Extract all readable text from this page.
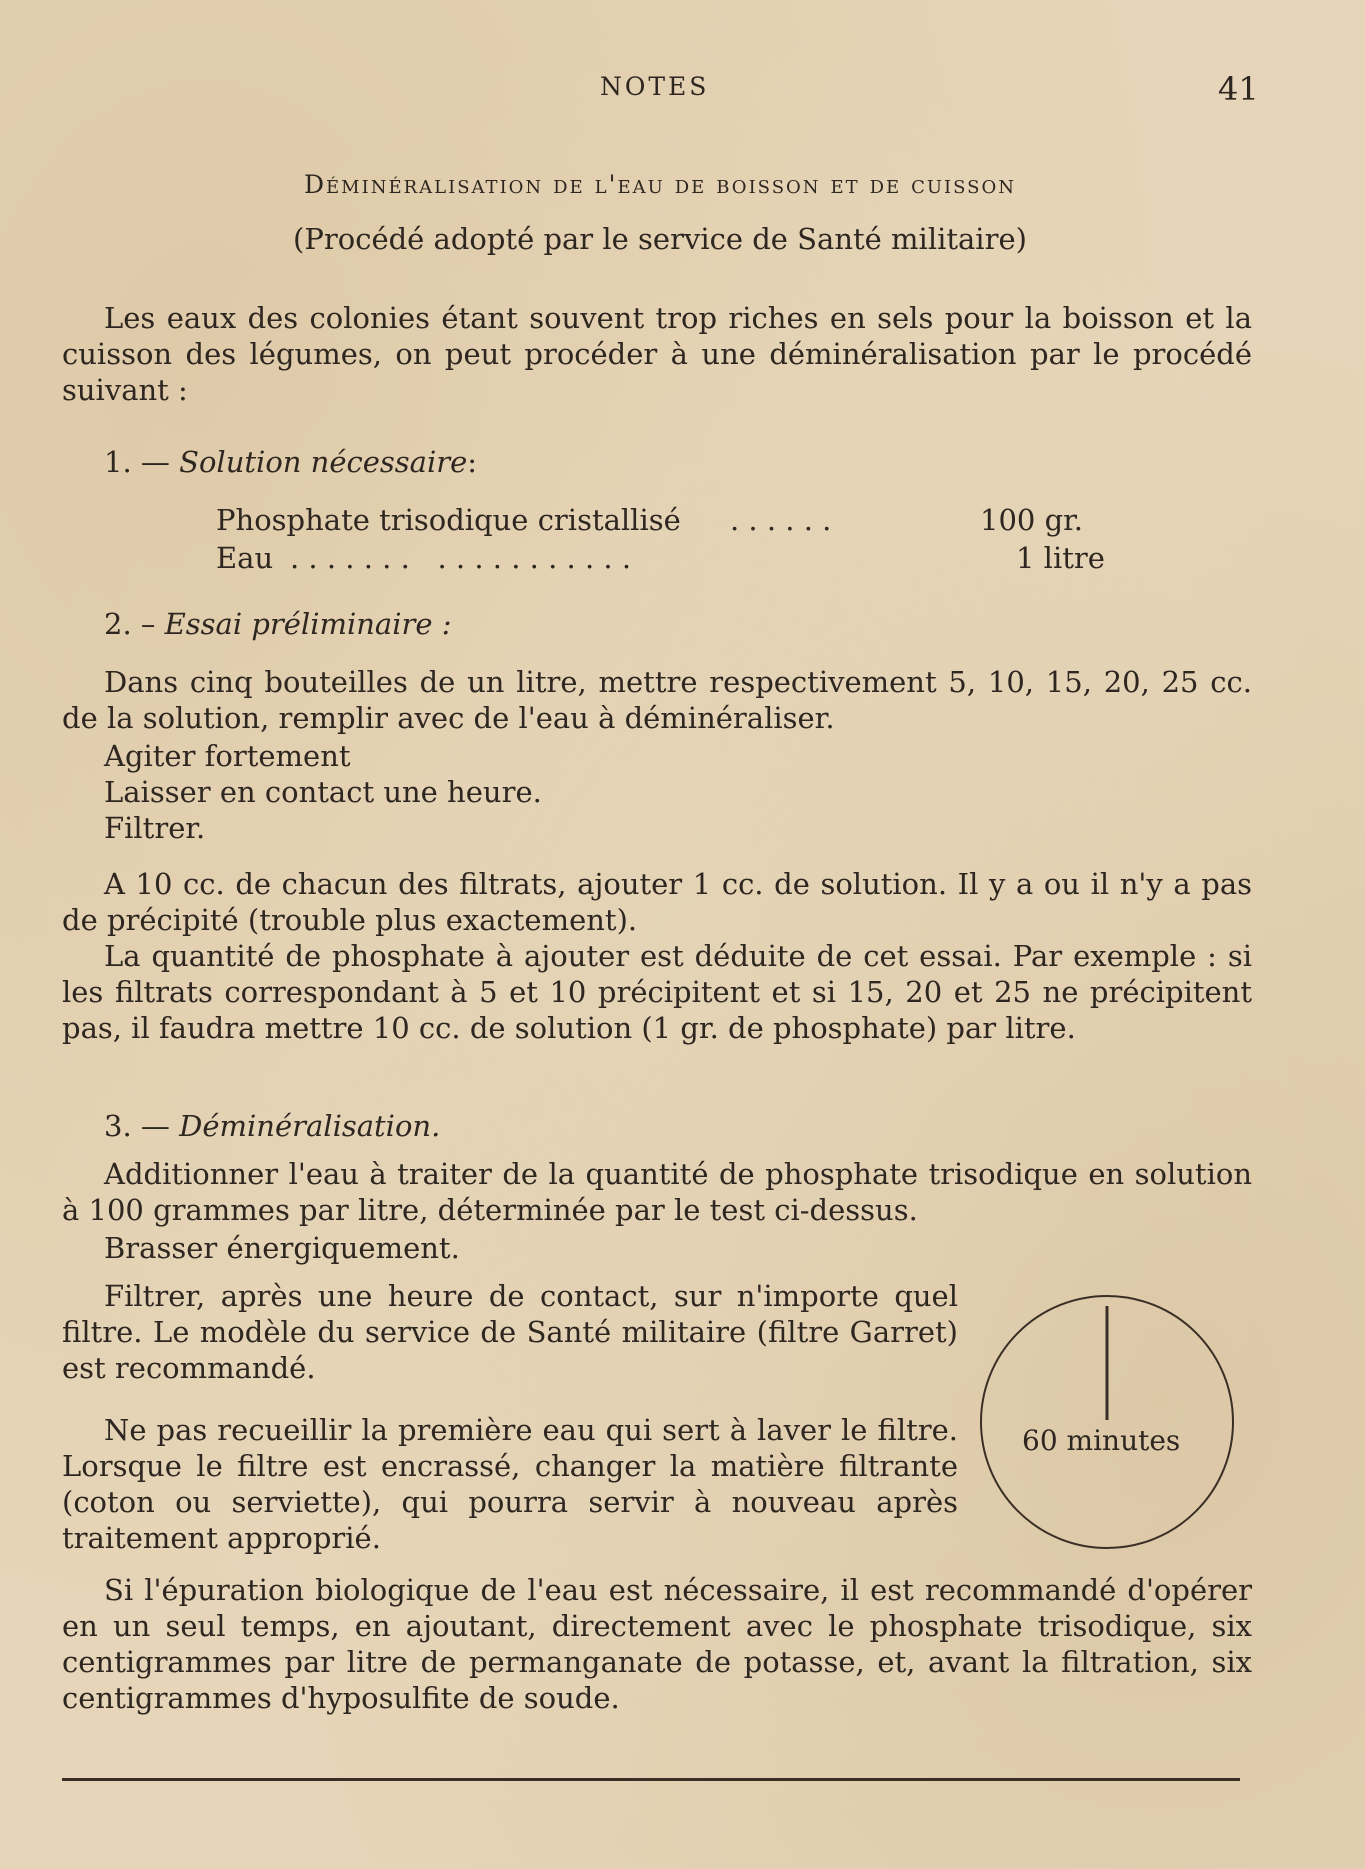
NOTES	41
Déminéralisation de l'eau de boisson et de cuisson
(Procédé adopté par le service de Santé militaire)

Les eaux des colonies étant souvent trop riches en sels pour la boisson et la cuisson des légumes, on peut procéder à une déminéralisation par le procédé suivant :

1. — Solution nécessaire:
Phosphate trisodique cristallisé . . . . . .	100 gr.
Eau . . . . . . .   . . . . . . . . . . .	1 litre
2. – Essai préliminaire :

Dans cinq bouteilles de un litre, mettre respectivement 5, 10, 15, 20, 25 cc. de la solution, remplir avec de l'eau à déminéraliser.

Agiter fortement
Laisser en contact une heure.
Filtrer.

A 10 cc. de chacun des filtrats, ajouter 1 cc. de solution. Il y a ou il n'y a pas de précipité (trouble plus exactement).

La quantité de phosphate à ajouter est déduite de cet essai. Par exemple : si les filtrats correspondant à 5 et 10 précipitent et si 15, 20 et 25 ne précipitent pas, il faudra mettre 10 cc. de solution (1 gr. de phosphate) par litre.

3. — Déminéralisation.

Additionner l'eau à traiter de la quantité de phosphate trisodique en solution à 100 grammes par litre, déterminée par le test ci-dessus.

Brasser énergiquement.

Filtrer, après une heure de contact, sur n'importe quel filtre. Le modèle du service de Santé militaire (filtre Garret) est recommandé.

Ne pas recueillir la première eau qui sert à laver le filtre. Lorsque le filtre est encrassé, changer la matière filtrante (coton ou serviette), qui pourra servir à nouveau après traitement approprié.

60 minutes

Si l'épuration biologique de l'eau est nécessaire, il est recommandé d'opérer en un seul temps, en ajoutant, directement avec le phosphate trisodique, six centigrammes par litre de permanganate de potasse, et, avant la filtration, six centigrammes d'hyposulfite de soude.
